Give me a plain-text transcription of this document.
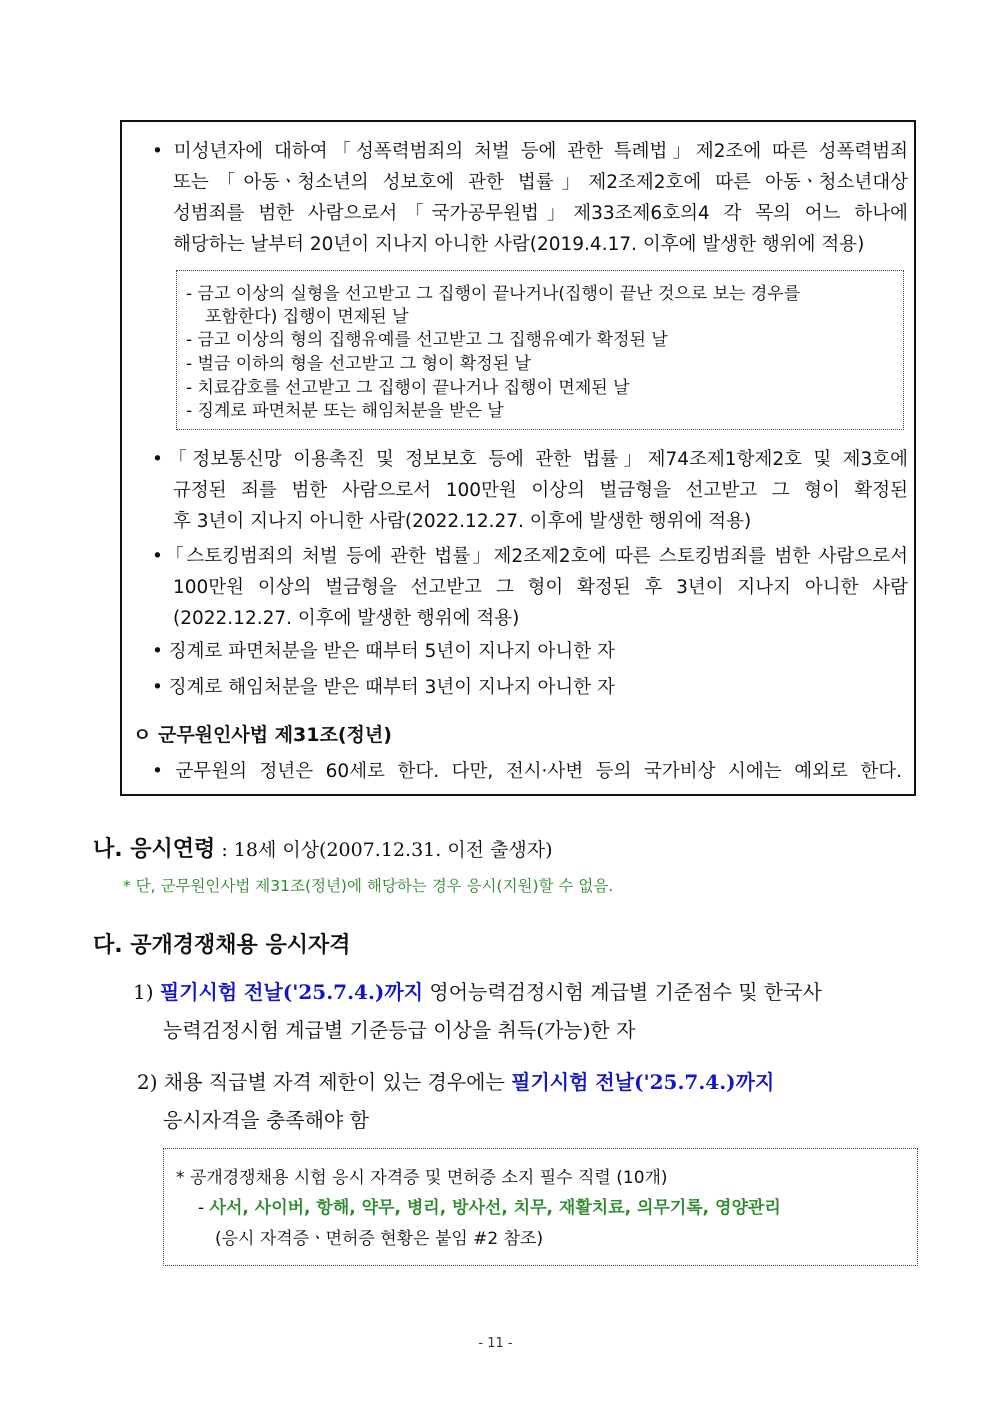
• 미성년자에 대하여「성폭력범죄의 처벌 등에 관한 특례법」제2조에 따른 성폭력범죄
또는「아동ㆍ청소년의 성보호에 관한 법률」제2조제2호에 따른 아동ㆍ청소년대상
성범죄를 범한 사람으로서「국가공무원법」제33조제6호의4 각 목의 어느 하나에
해당하는 날부터 20년이 지나지 아니한 사람(2019.4.17. 이후에 발생한 행위에 적용)
- 금고 이상의 실형을 선고받고 그 집행이 끝나거나(집행이 끝난 것으로 보는 경우를
포함한다) 집행이 면제된 날
- 금고 이상의 형의 집행유예를 선고받고 그 집행유예가 확정된 날
- 벌금 이하의 형을 선고받고 그 형이 확정된 날
- 치료감호를 선고받고 그 집행이 끝나거나 집행이 면제된 날
- 징계로 파면처분 또는 해임처분을 받은 날
•「정보통신망 이용촉진 및 정보보호 등에 관한 법률」제74조제1항제2호 및 제3호에
규정된 죄를 범한 사람으로서 100만원 이상의 벌금형을 선고받고 그 형이 확정된
후 3년이 지나지 아니한 사람(2022.12.27. 이후에 발생한 행위에 적용)
•「스토킹범죄의 처벌 등에 관한 법률」제2조제2호에 따른 스토킹범죄를 범한 사람으로서
100만원 이상의 벌금형을 선고받고 그 형이 확정된 후 3년이 지나지 아니한 사람
(2022.12.27. 이후에 발생한 행위에 적용)
• 징계로 파면처분을 받은 때부터 5년이 지나지 아니한 자
• 징계로 해임처분을 받은 때부터 3년이 지나지 아니한 자
ㅇ 군무원인사법 제31조(정년)
• 군무원의 정년은 60세로 한다. 다만, 전시·사변 등의 국가비상 시에는 예외로 한다.
나. 응시연령 : 18세 이상(2007.12.31. 이전 출생자)
* 단, 군무원인사법 제31조(정년)에 해당하는 경우 응시(지원)할 수 없음.
다. 공개경쟁채용 응시자격
1) 필기시험 전날('25.7.4.)까지 영어능력검정시험 계급별 기준점수 및 한국사
능력검정시험 계급별 기준등급 이상을 취득(가능)한 자
2) 채용 직급별 자격 제한이 있는 경우에는 필기시험 전날('25.7.4.)까지
응시자격을 충족해야 함
* 공개경쟁채용 시험 응시 자격증 및 면허증 소지 필수 직렬 (10개)
- 사서, 사이버, 항해, 약무, 병리, 방사선, 치무, 재활치료, 의무기록, 영양관리
(응시 자격증ㆍ면허증 현황은 붙임 #2 참조)
- 11 -
